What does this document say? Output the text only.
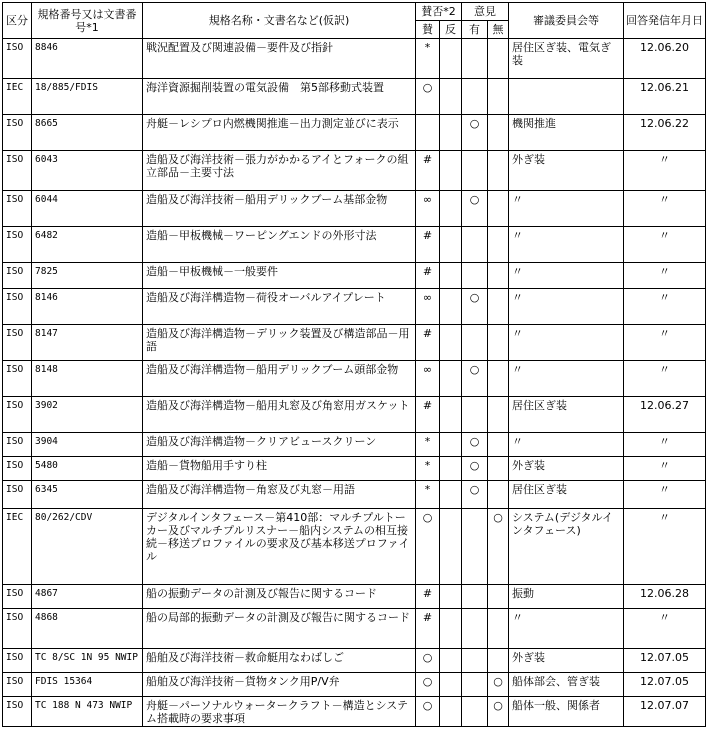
区分	規格番号又は文書番号*1	規格名称・文書名など(仮訳)	賛否*2		意見		審議委員会等	回答発信年月日
			賛	反	有	無		
ISO	8846	戦況配置及び関連設備－要件及び指針	*				居住区ぎ装、電気ぎ装	12.06.20
IEC	18/885/FDIS	海洋資源掘削装置の電気設備　第5部移動式装置	○					12.06.21
ISO	8665	舟艇－レシプロ内燃機関推進－出力測定並びに表示			○		機関推進	12.06.22
ISO	6043	造船及び海洋技術－張力がかかるアイとフォークの組立部品－主要寸法	#				外ぎ装	〃
ISO	6044	造船及び海洋技術－船用デリックブーム基部金物	∞		○		〃	〃
ISO	6482	造船－甲板機械－ワーピングエンドの外形寸法	#				〃	〃
ISO	7825	造船－甲板機械－一般要件	#				〃	〃
ISO	8146	造船及び海洋構造物－荷役オーバルアイプレート	∞		○		〃	〃
ISO	8147	造船及び海洋構造物－デリック装置及び構造部品－用語	#				〃	〃
ISO	8148	造船及び海洋構造物－船用デリックブーム頭部金物	∞		○		〃	〃
ISO	3902	造船及び海洋構造物－船用丸窓及び角窓用ガスケット	#				居住区ぎ装	12.06.27
ISO	3904	造船及び海洋構造物－クリアビュースクリーン	*		○		〃	〃
ISO	5480	造船－貨物船用手すり柱	*		○		外ぎ装	〃
ISO	6345	造船及び海洋構造物－角窓及び丸窓－用語	*		○		居住区ぎ装	〃
IEC	80/262/CDV	デジタルインタフェース－第410部：マルチプルトーカー及びマルチプルリスナー－船内システムの相互接続－移送プロファイルの要求及び基本移送プロファイル	○			○	システム(デジタルインタフェース)	〃
ISO	4867	船の振動データの計測及び報告に関するコード	#				振動	12.06.28
ISO	4868	船の局部的振動データの計測及び報告に関するコード	#				〃	〃
ISO	TC 8/SC 1N 95 NWIP	船舶及び海洋技術－救命艇用なわばしご	○				外ぎ装	12.07.05
ISO	FDIS 15364	船舶及び海洋技術－貨物タンク用P/V弁	○			○	船体部会、管ぎ装	12.07.05
ISO	TC 188 N 473 NWIP	舟艇－パーソナルウォータークラフト－構造とシステム搭載時の要求事項	○			○	船体一般、関係者	12.07.07
